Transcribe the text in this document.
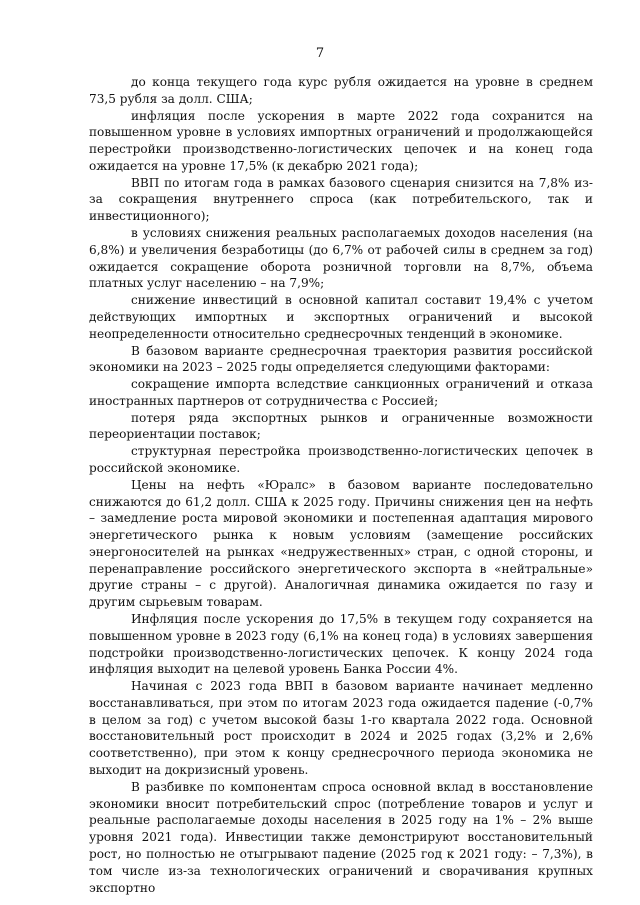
7

до конца текущего года курс рубля ожидается на уровне в среднем 73,5 рубля за долл. США;

инфляция после ускорения в марте 2022 года сохранится на повышенном уровне в условиях импортных ограничений и продолжающейся перестройки производственно-логистических цепочек и на конец года ожидается на уровне 17,5% (к декабрю 2021 года);

ВВП по итогам года в рамках базового сценария снизится на 7,8% из-за сокращения внутреннего спроса (как потребительского, так и инвестиционного);

в условиях снижения реальных располагаемых доходов населения (на 6,8%) и увеличения безработицы (до 6,7% от рабочей силы в среднем за год) ожидается сокращение оборота розничной торговли на 8,7%, объема платных услуг населению – на 7,9%;

снижение инвестиций в основной капитал составит 19,4% с учетом действующих импортных и экспортных ограничений и высокой неопределенности относительно среднесрочных тенденций в экономике.

В базовом варианте среднесрочная траектория развития российской экономики на 2023 – 2025 годы определяется следующими факторами:

сокращение импорта вследствие санкционных ограничений и отказа иностранных партнеров от сотрудничества с Россией;

потеря ряда экспортных рынков и ограниченные возможности переориентации поставок;

структурная перестройка производственно-логистических цепочек в российской экономике.

Цены на нефть «Юралс» в базовом варианте последовательно снижаются до 61,2 долл. США к 2025 году. Причины снижения цен на нефть – замедление роста мировой экономики и постепенная адаптация мирового энергетического рынка к новым условиям (замещение российских энергоносителей на рынках «недружественных» стран, с одной стороны, и перенаправление российского энергетического экспорта в «нейтральные» другие страны – с другой). Аналогичная динамика ожидается по газу и другим сырьевым товарам.

Инфляция после ускорения до 17,5% в текущем году сохраняется на повышенном уровне в 2023 году (6,1% на конец года) в условиях завершения подстройки производственно-логистических цепочек. К концу 2024 года инфляция выходит на целевой уровень Банка России 4%.

Начиная с 2023 года ВВП в базовом варианте начинает медленно восстанавливаться, при этом по итогам 2023 года ожидается падение (-0,7% в целом за год) с учетом высокой базы 1-го квартала 2022 года. Основной восстановительный рост происходит в 2024 и 2025 годах (3,2% и 2,6% соответственно), при этом к концу среднесрочного периода экономика не выходит на докризисный уровень.

В разбивке по компонентам спроса основной вклад в восстановление экономики вносит потребительский спрос (потребление товаров и услуг и реальные располагаемые доходы населения в 2025 году на 1% – 2% выше уровня 2021 года). Инвестиции также демонстрируют восстановительный рост, но полностью не отыгрывают падение (2025 год к 2021 году: – 7,3%), в том числе из-за технологических ограничений и сворачивания крупных экспортно
